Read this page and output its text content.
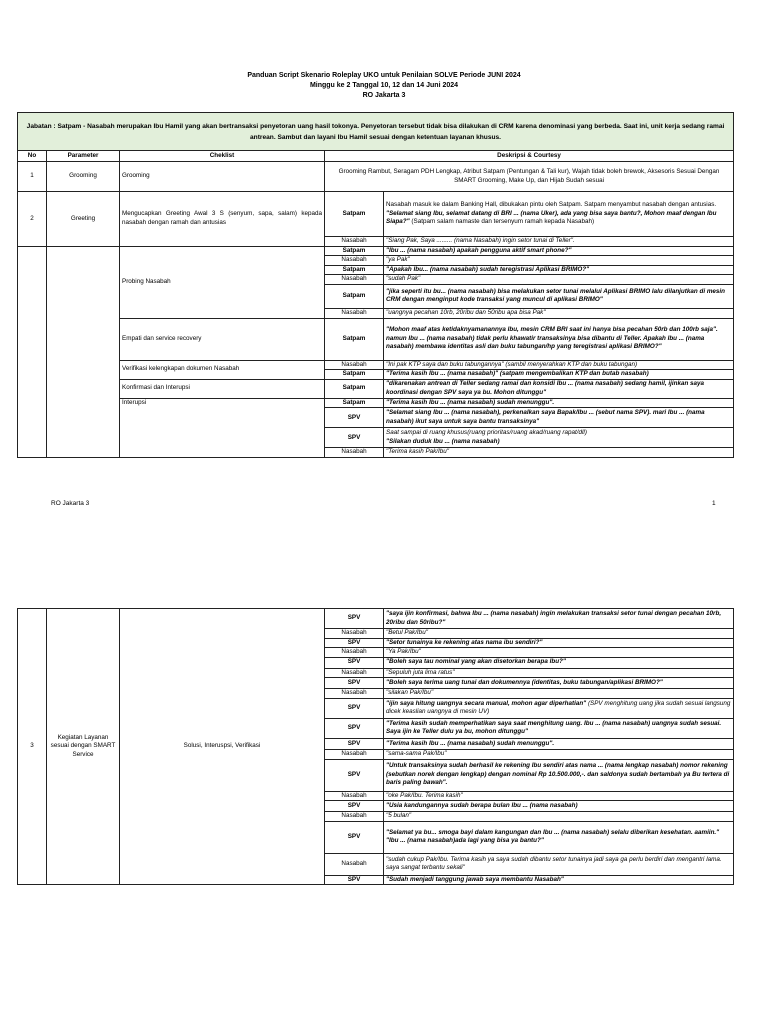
Panduan Script Skenario Roleplay UKO untuk Penilaian SOLVE Periode JUNI 2024
Minggu ke 2 Tanggal 10, 12 dan 14 Juni 2024
RO Jakarta 3
Jabatan : Satpam - Nasabah merupakan Ibu Hamil yang akan bertransaksi penyetoran uang hasil tokonya. Penyetoran tersebut tidak bisa dilakukan di CRM karena denominasi yang berbeda. Saat ini, unit kerja sedang ramai antrean. Sambut dan layani Ibu Hamil sesuai dengan ketentuan layanan khusus.				
No	Parameter	Cheklist	Deskripsi & Courtesy	
1	Grooming	Grooming	Grooming Rambut, Seragam PDH Lengkap, Atribut Satpam (Pentungan & Tali kur), Wajah tidak boleh brewok, Aksesoris Sesuai Dengan SMART Grooming, Make Up, dan Hijab Sudah sesuai	
2	Greeting	Mengucapkan Greeting Awal 3 S (senyum, sapa, salam) kepada nasabah dengan ramah dan antusias	Satpam	Nasabah masuk ke dalam Banking Hall, dibukakan pintu oleh Satpam. Satpam menyambut nasabah dengan antusias.
"Selamat siang Ibu, selamat datang di BRI ... (nama Uker), ada yang bisa saya bantu?, Mohon maaf dengan Ibu Siapa?" (Satpam salam namaste dan tersenyum ramah kepada Nasabah)
			Nasabah	"Siang Pak, Saya ......... (nama Nasabah) ingin setor tunai di Teller".
		Probing Nasabah	Satpam	"Ibu ... (nama nasabah) apakah pengguna aktif smart phone?"
			Nasabah	"ya Pak"
			Satpam	"Apakah Ibu... (nama nasabah) sudah teregistrasi Aplikasi BRIMO?"
			Nasabah	"sudah Pak"
			Satpam	"jika seperti itu bu... (nama nasabah) bisa melakukan setor tunai melalui Aplikasi BRIMO lalu dilanjutkan di mesin CRM dengan menginput kode transaksi yang muncul di aplikasi BRIMO"
			Nasabah	"uangnya pecahan 10rb, 20ribu dan 50ribu apa bisa Pak"
		Empati dan service recovery	Satpam	"Mohon maaf atas ketidaknyamanannya Ibu, mesin CRM BRI saat ini hanya bisa pecahan 50rb dan 100rb saja". namun Ibu ... (nama nasabah) tidak perlu khawatir transaksinya bisa dibantu di Teller. Apakah Ibu ... (nama nasabah) membawa identitas asli dan buku tabungan/hp yang teregistrasi aplikasi BRIMO?"
		Verifikasi kelengkapan dokumen Nasabah	Nasabah	"Ini pak KTP saya dan buku tabungannya" (sambil menyerahkan KTP dan buku tabungan)
			Satpam	"Terima kasih Ibu ... (nama nasabah)" (satpam mengembalikan KTP dan butab nasabah)
		Konfirmasi dan Interupsi	Satpam	"dikarenakan antrean di Teller sedang ramai dan konsidi Ibu ... (nama nasabah) sedang hamil, ijinkan saya koordinasi dengan SPV saya ya bu. Mohon ditunggu"
		Interupsi	Satpam	"Terima kasih Ibu ... (nama nasabah) sudah menunggu".
			SPV	"Selamat siang Ibu ... (nama nasabah), perkenalkan saya Bapak/Ibu ... (sebut nama SPV). mari Ibu ... (nama nasabah) ikut saya untuk saya bantu transaksinya"
			SPV	Saat sampai di ruang khusus(ruang prioritas/ruang akad/ruang rapat/dll)
"Silakan duduk Ibu ... (nama nasabah)
			Nasabah	"Terima kasih Pak/Ibu"
RO Jakarta 3	1
3	Kegiatan Layanan sesuai dengan SMART Service	Solusi, Interuspsi, Verifikasi	SPV	"saya ijin konfirmasi, bahwa Ibu ... (nama nasabah) ingin melakukan transaksi setor tunai dengan pecahan 10rb, 20ribu dan 50ribu?"
			Nasabah	"Betul Pak/Ibu"
			SPV	"Setor tunainya ke rekening atas nama ibu sendiri?"
			Nasabah	"Ya Pak/Ibu"
			SPV	"Boleh saya tau nominal yang akan disetorkan berapa Ibu?"
			Nasabah	"Sepuluh juta lima ratus"
			SPV	"Boleh saya terima uang tunai dan dokumennya (identitas, buku tabungan/aplikasi BRIMO?"
			Nasabah	"silakan Pak/Ibu"
			SPV	"ijin saya hitung uangnya secara manual, mohon agar diperhatian" (SPV menghitung uang jika sudah sesuai langsung dicek keaslian uangnya di mesin UV)
			SPV	"Terima kasih sudah memperhatikan saya saat menghitung uang. Ibu ... (nama nasabah) uangnya sudah sesuai. Saya ijin ke Teller dulu ya bu, mohon ditunggu"
			SPV	"Terima kasih Ibu ... (nama nasabah) sudah menunggu".
			Nasabah	"sama-sama Pak/Ibu"
			SPV	"Untuk transaksinya sudah berhasil ke rekening Ibu sendiri atas nama ... (nama lengkap nasabah) nomor rekening (sebutkan norek dengan lengkap) dengan nominal Rp 10.500.000,-. dan saldonya sudah bertambah ya Bu tertera di baris paling bawah".
			Nasabah	"oke Pak/Ibu. Terima kasih"
			SPV	"Usia kandungannya sudah berapa bulan Ibu ... (nama nasabah)
			Nasabah	"5 bulan"
			SPV	"Selamat ya bu... smoga bayi dalam kangungan dan Ibu ... (nama nasabah) selalu diberikan kesehatan. aamiin."
"Ibu ... (nama nasabah)ada lagi yang bisa ya bantu?"
			Nasabah	"sudah cukup Pak/Ibu. Terima kasih ya saya sudah dibantu setor tunainya jadi saya ga perlu berdiri dan mengantri lama. saya sangat terbantu sekali"
			SPV	"Sudah menjadi tanggung jawab saya membantu Nasabah"
